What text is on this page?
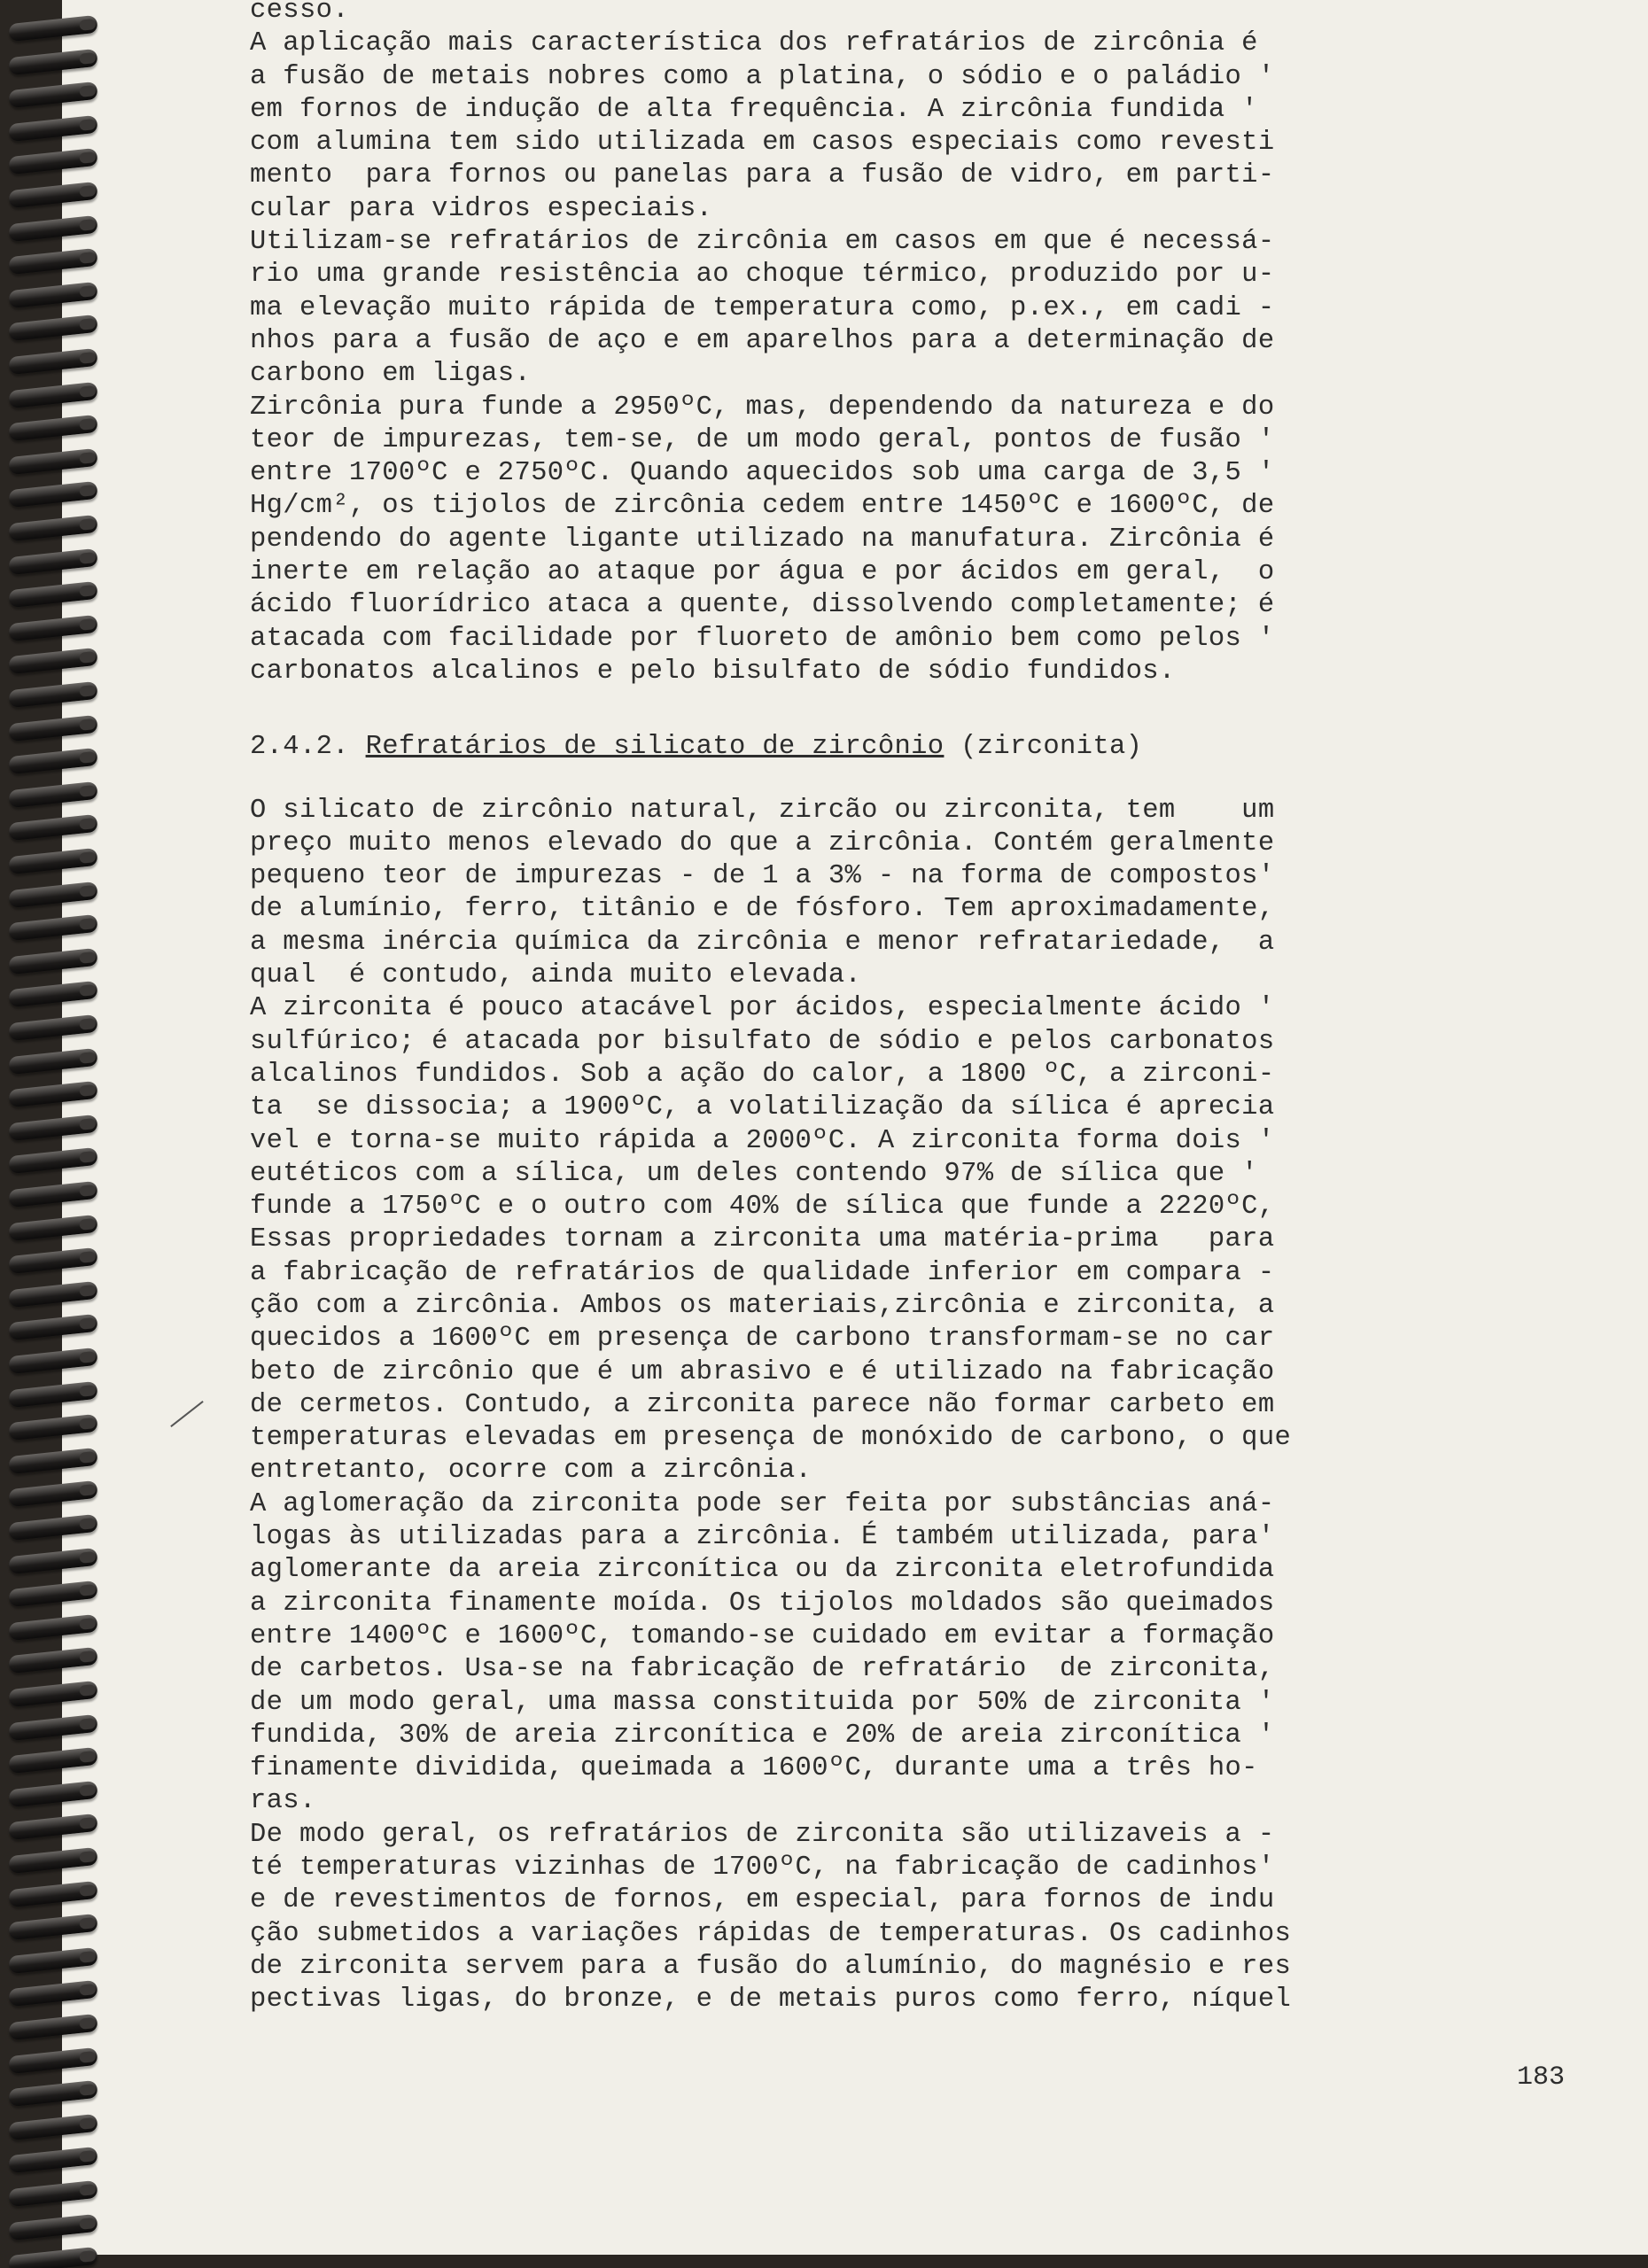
cesso.
A aplicação mais característica dos refratários de zircônia é
a fusão de metais nobres como a platina, o sódio e o paládio '
em fornos de indução de alta frequência. A zircônia fundida '
com alumina tem sido utilizada em casos especiais como revesti
mento  para fornos ou panelas para a fusão de vidro, em parti-
cular para vidros especiais.
Utilizam-se refratários de zircônia em casos em que é necessá-
rio uma grande resistência ao choque térmico, produzido por u-
ma elevação muito rápida de temperatura como, p.ex., em cadi -
nhos para a fusão de aço e em aparelhos para a determinação de
carbono em ligas.
Zircônia pura funde a 2950ºC, mas, dependendo da natureza e do
teor de impurezas, tem-se, de um modo geral, pontos de fusão '
entre 1700ºC e 2750ºC. Quando aquecidos sob uma carga de 3,5 '
Hg/cm², os tijolos de zircônia cedem entre 1450ºC e 1600ºC, de
pendendo do agente ligante utilizado na manufatura. Zircônia é
inerte em relação ao ataque por água e por ácidos em geral,  o
ácido fluorídrico ataca a quente, dissolvendo completamente; é
atacada com facilidade por fluoreto de amônio bem como pelos '
carbonatos alcalinos e pelo bisulfato de sódio fundidos.
2.4.2. Refratários de silicato de zircônio (zirconita)
O silicato de zircônio natural, zircão ou zirconita, tem    um
preço muito menos elevado do que a zircônia. Contém geralmente
pequeno teor de impurezas - de 1 a 3% - na forma de compostos'
de alumínio, ferro, titânio e de fósforo. Tem aproximadamente,
a mesma inércia química da zircônia e menor refratariedade,  a
qual  é contudo, ainda muito elevada.
A zirconita é pouco atacável por ácidos, especialmente ácido '
sulfúrico; é atacada por bisulfato de sódio e pelos carbonatos
alcalinos fundidos. Sob a ação do calor, a 1800 ºC, a zirconi-
ta  se dissocia; a 1900ºC, a volatilização da sílica é aprecia
vel e torna-se muito rápida a 2000ºC. A zirconita forma dois '
eutéticos com a sílica, um deles contendo 97% de sílica que '
funde a 1750ºC e o outro com 40% de sílica que funde a 2220ºC,
Essas propriedades tornam a zirconita uma matéria-prima   para
a fabricação de refratários de qualidade inferior em compara -
ção com a zircônia. Ambos os materiais,zircônia e zirconita, a
quecidos a 1600ºC em presença de carbono transformam-se no car
beto de zircônio que é um abrasivo e é utilizado na fabricação
de cermetos. Contudo, a zirconita parece não formar carbeto em
temperaturas elevadas em presença de monóxido de carbono, o que
entretanto, ocorre com a zircônia.
A aglomeração da zirconita pode ser feita por substâncias aná-
logas às utilizadas para a zircônia. É também utilizada, para'
aglomerante da areia zirconítica ou da zirconita eletrofundida
a zirconita finamente moída. Os tijolos moldados são queimados
entre 1400ºC e 1600ºC, tomando-se cuidado em evitar a formação
de carbetos. Usa-se na fabricação de refratário  de zirconita,
de um modo geral, uma massa constituida por 50% de zirconita '
fundida, 30% de areia zirconítica e 20% de areia zirconítica '
finamente dividida, queimada a 1600ºC, durante uma a três ho-
ras.
De modo geral, os refratários de zirconita são utilizaveis a -
té temperaturas vizinhas de 1700ºC, na fabricação de cadinhos'
e de revestimentos de fornos, em especial, para fornos de indu
ção submetidos a variações rápidas de temperaturas. Os cadinhos
de zirconita servem para a fusão do alumínio, do magnésio e res
pectivas ligas, do bronze, e de metais puros como ferro, níquel
183
